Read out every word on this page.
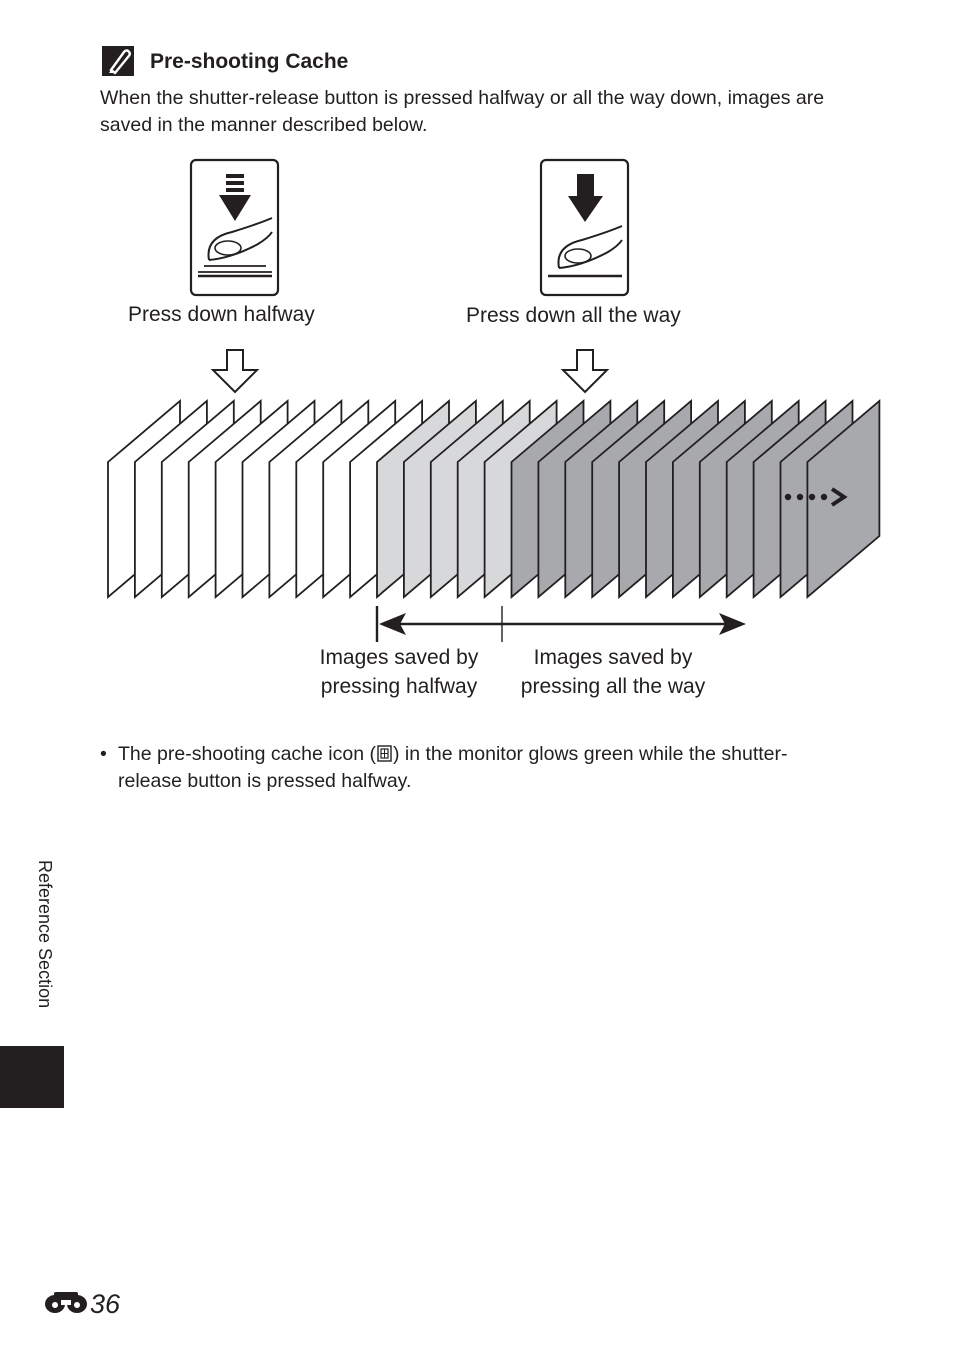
Pre-shooting Cache
When the shutter-release button is pressed halfway or all the way down, images are saved in the manner described below.
Press down halfway	Press down all the way
Images saved by
pressing halfway
Images saved by
pressing all the way
• The pre-shooting cache icon ( ) in the monitor glows green while the shutter-release button is pressed halfway.
Reference Section
36
